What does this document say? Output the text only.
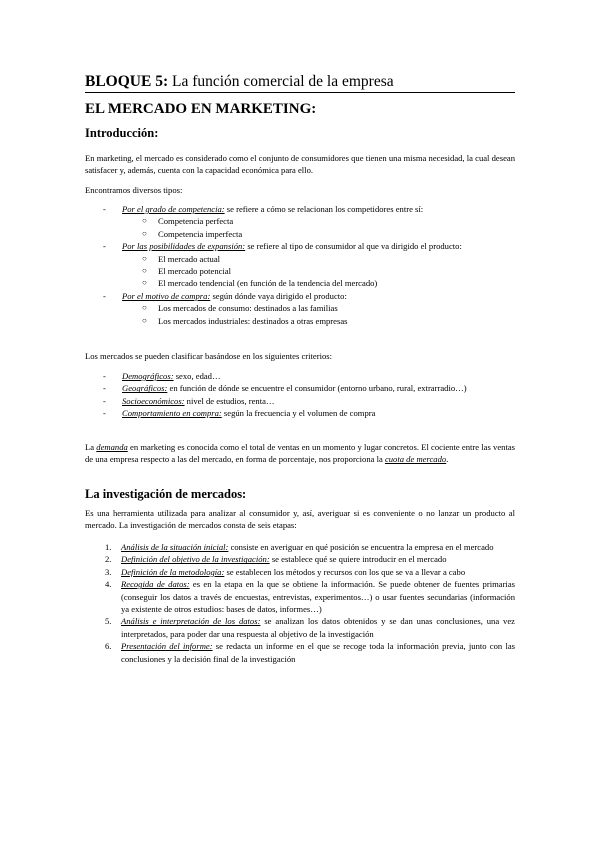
BLOQUE 5: La función comercial de la empresa
EL MERCADO EN MARKETING:
Introducción:
En marketing, el mercado es considerado como el conjunto de consumidores que tienen una misma necesidad, la cual desean satisfacer y, además, cuenta con la capacidad económica para ello.
Encontramos diversos tipos:
- Por el grado de competencia: se refiere a cómo se relacionan los competidores entre sí:
○ Competencia perfecta
○ Competencia imperfecta
- Por las posibilidades de expansión: se refiere al tipo de consumidor al que va dirigido el producto:
○ El mercado actual
○ El mercado potencial
○ El mercado tendencial (en función de la tendencia del mercado)
- Por el motivo de compra: según dónde vaya dirigido el producto:
○ Los mercados de consumo: destinados a las familias
○ Los mercados industriales: destinados a otras empresas
Los mercados se pueden clasificar basándose en los siguientes criterios:
- Demográficos: sexo, edad…
- Geográficos: en función de dónde se encuentre el consumidor (entorno urbano, rural, extrarradio…)
- Socioeconómicos: nivel de estudios, renta…
- Comportamiento en compra: según la frecuencia y el volumen de compra
La demanda en marketing es conocida como el total de ventas en un momento y lugar concretos. El cociente entre las ventas de una empresa respecto a las del mercado, en forma de porcentaje, nos proporciona la cuota de mercado.
La investigación de mercados:
Es una herramienta utilizada para analizar al consumidor y, así, averiguar si es conveniente o no lanzar un producto al mercado. La investigación de mercados consta de seis etapas:
1. Análisis de la situación inicial: consiste en averiguar en qué posición se encuentra la empresa en el mercado
2. Definición del objetivo de la investigación: se establece qué se quiere introducir en el mercado
3. Definición de la metodología: se establecen los métodos y recursos con los que se va a llevar a cabo
4. Recogida de datos: es en la etapa en la que se obtiene la información. Se puede obtener de fuentes primarias (conseguir los datos a través de encuestas, entrevistas, experimentos…) o usar fuentes secundarias (información ya existente de otros estudios: bases de datos, informes…)
5. Análisis e interpretación de los datos: se analizan los datos obtenidos y se dan unas conclusiones, una vez interpretados, para poder dar una respuesta al objetivo de la investigación
6. Presentación del informe: se redacta un informe en el que se recoge toda la información previa, junto con las conclusiones y la decisión final de la investigación
